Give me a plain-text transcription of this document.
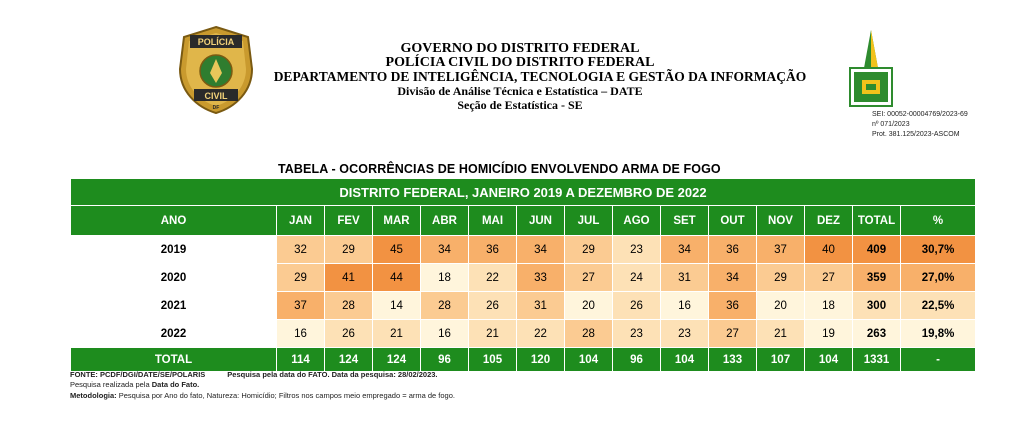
POLÍCIA
CIVIL
DF
GOVERNO DO DISTRITO FEDERAL
POLÍCIA CIVIL DO DISTRITO FEDERAL
DEPARTAMENTO DE INTELIGÊNCIA, TECNOLOGIA E GESTÃO DA INFORMAÇÃO
Divisão de Análise Técnica e Estatística – DATE
Seção de Estatística - SE
SEI: 00052-00004769/2023-69
nº 071/2023
Prot. 381.125/2023-ASCOM
TABELA - OCORRÊNCIAS DE HOMICÍDIO ENVOLVENDO ARMA DE FOGO
DISTRITO FEDERAL, JANEIRO 2019 A DEZEMBRO DE 2022														
ANO	JAN	FEV	MAR	ABR	MAI	JUN	JUL	AGO	SET	OUT	NOV	DEZ	TOTAL	%
2019	32	29	45	34	36	34	29	23	34	36	37	40	409	30,7%
2020	29	41	44	18	22	33	27	24	31	34	29	27	359	27,0%
2021	37	28	14	28	26	31	20	26	16	36	20	18	300	22,5%
2022	16	26	21	16	21	22	28	23	23	27	21	19	263	19,8%
TOTAL	114	124	124	96	105	120	104	96	104	133	107	104	1331	-
FONTE: PCDF/DGI/DATE/SE/POLARIS	Pesquisa pela data do FATO. Data da pesquisa: 28/02/2023.
Pesquisa realizada pela Data do Fato.
Metodologia: Pesquisa por Ano do fato, Natureza: Homicídio; Filtros nos campos meio empregado = arma de fogo.
